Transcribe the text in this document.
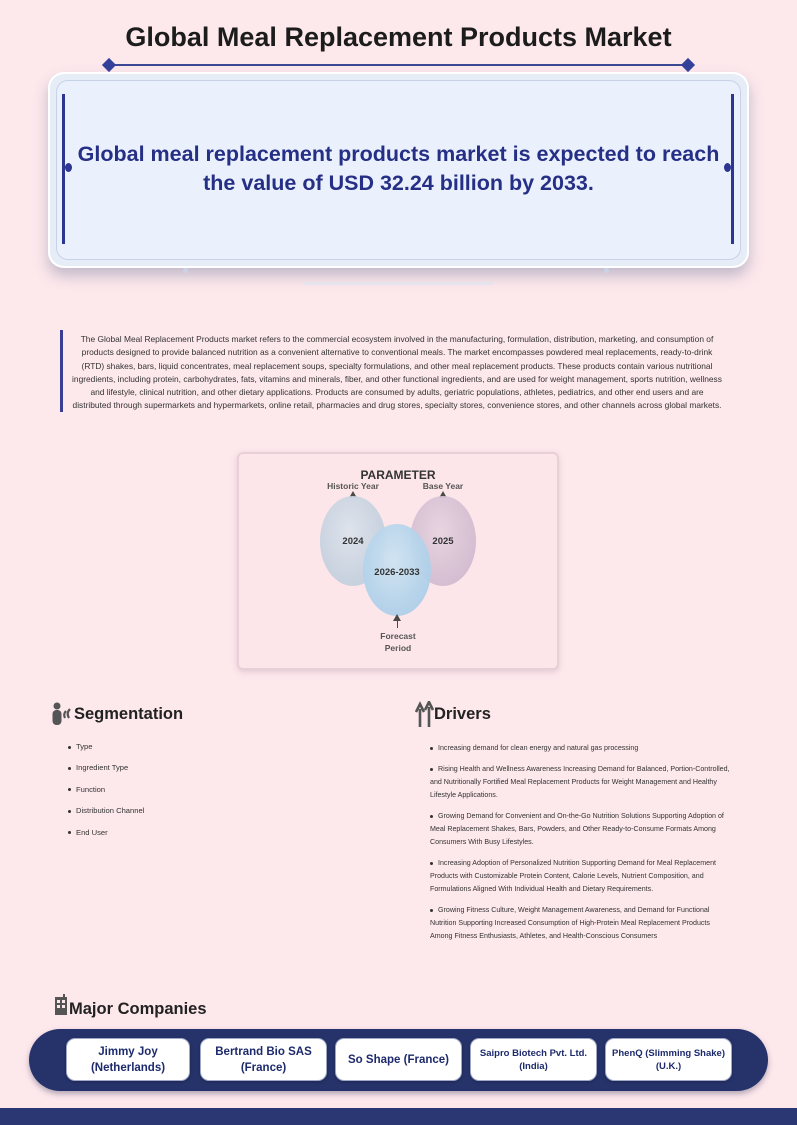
Global Meal Replacement Products Market
Global meal replacement products market is expected to reach
the value of USD 32.24 billion by 2033.
The Global Meal Replacement Products market refers to the commercial ecosystem involved in the manufacturing, formulation, distribution, marketing, and consumption of products designed to provide balanced nutrition as a convenient alternative to conventional meals. The market encompasses powdered meal replacements, ready-to-drink (RTD) shakes, bars, liquid concentrates, meal replacement soups, specialty formulations, and other meal replacement products. These products contain various nutritional ingredients, including protein, carbohydrates, fats, vitamins and minerals, fiber, and other functional ingredients, and are used for weight management, sports nutrition, wellness and lifestyle, clinical nutrition, and other dietary applications. Products are consumed by adults, geriatric populations, athletes, pediatrics, and other end users and are distributed through supermarkets and hypermarkets, online retail, pharmacies and drug stores, specialty stores, convenience stores, and other channels across global markets.
PARAMETER
Historic Year	Base Year
2024	2025
2026-2033
Forecast
Period
Segmentation
Type
Ingredient Type
Function
Distribution Channel
End User
Drivers
Increasing demand for clean energy and natural gas processing
Rising Health and Wellness Awareness Increasing Demand for Balanced, Portion-Controlled, and Nutritionally Fortified Meal Replacement Products for Weight Management and Healthy Lifestyle Applications.
Growing Demand for Convenient and On-the-Go Nutrition Solutions Supporting Adoption of Meal Replacement Shakes, Bars, Powders, and Other Ready-to-Consume Formats Among Consumers With Busy Lifestyles.
Increasing Adoption of Personalized Nutrition Supporting Demand for Meal Replacement Products with Customizable Protein Content, Calorie Levels, Nutrient Composition, and Formulations Aligned With Individual Health and Dietary Requirements.
Growing Fitness Culture, Weight Management Awareness, and Demand for Functional Nutrition Supporting Increased Consumption of High-Protein Meal Replacement Products Among Fitness Enthusiasts, Athletes, and Health-Conscious Consumers
Major Companies
Jimmy Joy
(Netherlands)
Bertrand Bio SAS
(France)
So Shape (France)
Saipro Biotech Pvt. Ltd.
(India)
PhenQ (Slimming Shake)
(U.K.)
